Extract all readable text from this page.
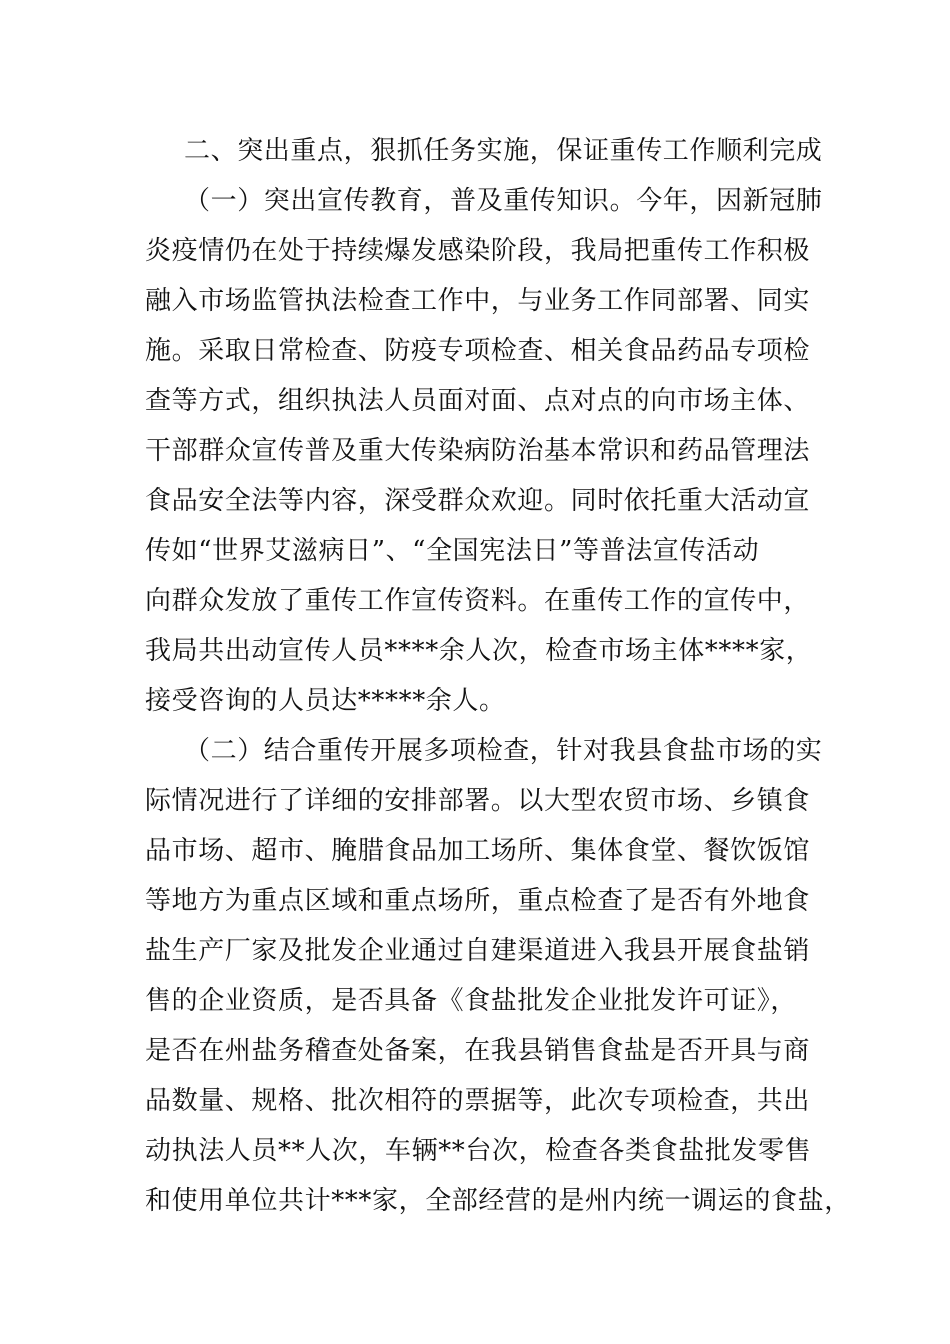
二、突出重点，狠抓任务实施，保证重传工作顺利完成
（一）突出宣传教育，普及重传知识。今年，因新冠肺
炎疫情仍在处于持续爆发感染阶段，我局把重传工作积极
融入市场监管执法检查工作中，与业务工作同部署、同实
施。采取日常检查、防疫专项检查、相关食品药品专项检
查等方式，组织执法人员面对面、点对点的向市场主体、
干部群众宣传普及重大传染病防治基本常识和药品管理法
食品安全法等内容，深受群众欢迎。同时依托重大活动宣
传如“世界艾滋病日”、“全国宪法日”等普法宣传活动
向群众发放了重传工作宣传资料。在重传工作的宣传中，
我局共出动宣传人员****余人次，检查市场主体****家，
接受咨询的人员达*****余人。
（二）结合重传开展多项检查，针对我县食盐市场的实
际情况进行了详细的安排部署。以大型农贸市场、乡镇食
品市场、超市、腌腊食品加工场所、集体食堂、餐饮饭馆
等地方为重点区域和重点场所，重点检查了是否有外地食
盐生产厂家及批发企业通过自建渠道进入我县开展食盐销
售的企业资质，是否具备《食盐批发企业批发许可证》，
是否在州盐务稽查处备案，在我县销售食盐是否开具与商
品数量、规格、批次相符的票据等，此次专项检查，共出
动执法人员**人次，车辆**台次，检查各类食盐批发零售
和使用单位共计***家，全部经营的是州内统一调运的食盐，
